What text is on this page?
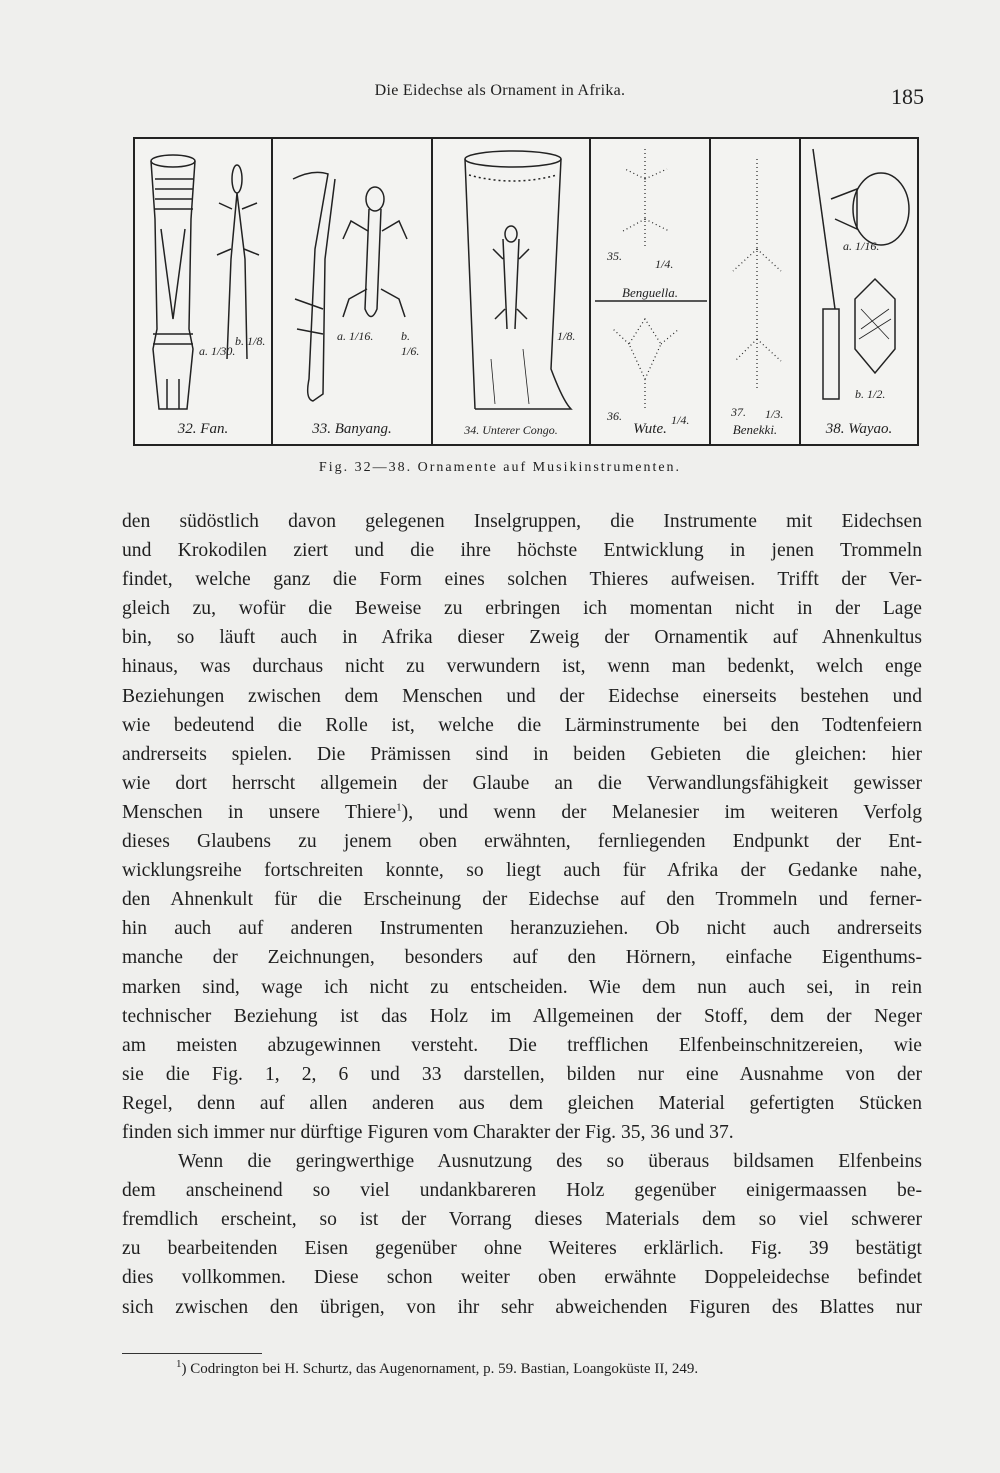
Die Eidechse als Ornament in Afrika.	185
a. 1/30.
b. 1/8.
32. Fan.
a. 1/16. b. 1/6.
33. Banyang.
1/8.
34. Unterer Congo.
35.
1/4.
Benguella.
36.	1/4.
Wute.
37. 1/3.
Benekki.
a. 1/16.
b. 1/2.
38. Wayao.
Fig. 32—38. Ornamente auf Musikinstrumenten.
den südöstlich davon gelegenen Inselgruppen, die Instrumente mit Eidechsen
und Krokodilen ziert und die ihre höchste Entwicklung in jenen Trommeln
findet, welche ganz die Form eines solchen Thieres aufweisen. Trifft der Ver-
gleich zu, wofür die Beweise zu erbringen ich momentan nicht in der Lage
bin, so läuft auch in Afrika dieser Zweig der Ornamentik auf Ahnenkultus
hinaus, was durchaus nicht zu verwundern ist, wenn man bedenkt, welch enge
Beziehungen zwischen dem Menschen und der Eidechse einerseits bestehen und
wie bedeutend die Rolle ist, welche die Lärminstrumente bei den Todtenfeiern
andrerseits spielen. Die Prämissen sind in beiden Gebieten die gleichen: hier
wie dort herrscht allgemein der Glaube an die Verwandlungsfähigkeit gewisser
Menschen in unsere Thiere$^1$), und wenn der Melanesier im weiteren Verfolg
dieses Glaubens zu jenem oben erwähnten, fernliegenden Endpunkt der Ent-
wicklungsreihe fortschreiten konnte, so liegt auch für Afrika der Gedanke nahe,
den Ahnenkult für die Erscheinung der Eidechse auf den Trommeln und ferner-
hin auch auf anderen Instrumenten heranzuziehen. Ob nicht auch andrerseits
manche der Zeichnungen, besonders auf den Hörnern, einfache Eigenthums-
marken sind, wage ich nicht zu entscheiden. Wie dem nun auch sei, in rein
technischer Beziehung ist das Holz im Allgemeinen der Stoff, dem der Neger
am meisten abzugewinnen versteht. Die trefflichen Elfenbeinschnitzereien, wie
sie die Fig. 1, 2, 6 und 33 darstellen, bilden nur eine Ausnahme von der
Regel, denn auf allen anderen aus dem gleichen Material gefertigten Stücken
finden sich immer nur dürftige Figuren vom Charakter der Fig. 35, 36 und 37.
Wenn die geringwerthige Ausnutzung des so überaus bildsamen Elfenbeins
dem anscheinend so viel undankbareren Holz gegenüber einigermaassen be-
fremdlich erscheint, so ist der Vorrang dieses Materials dem so viel schwerer
zu bearbeitenden Eisen gegenüber ohne Weiteres erklärlich. Fig. 39 bestätigt
dies vollkommen. Diese schon weiter oben erwähnte Doppeleidechse befindet
sich zwischen den übrigen, von ihr sehr abweichenden Figuren des Blattes nur
$^1$) Codrington bei H. Schurtz, das Augenornament, p. 59. Bastian, Loangoküste II, 249.
